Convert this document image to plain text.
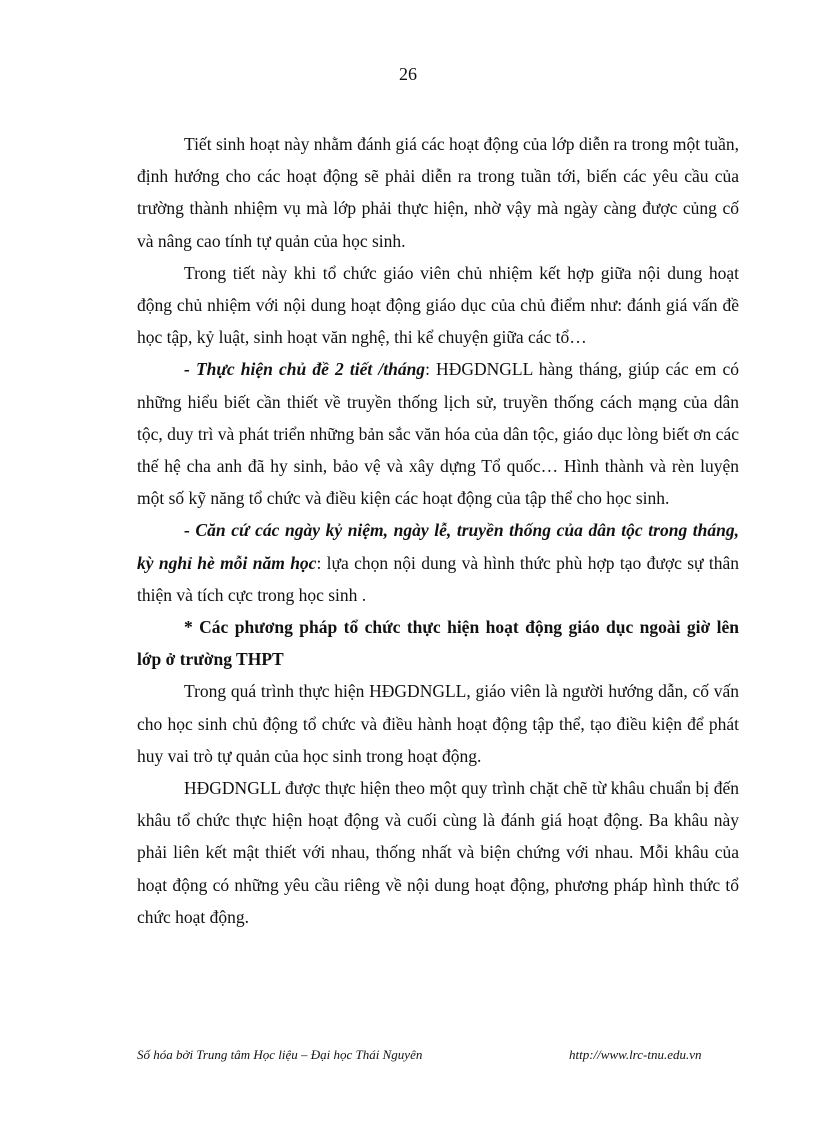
26

Tiết sinh hoạt này nhằm đánh giá các hoạt động của lớp diễn ra trong một tuần, định hướng cho các hoạt động sẽ phải diễn ra trong tuần tới, biến các yêu cầu của trường thành nhiệm vụ mà lớp phải thực hiện, nhờ vậy mà ngày càng được củng cố và nâng cao tính tự quản của học sinh.

Trong tiết này khi tổ chức giáo viên chủ nhiệm kết hợp giữa nội dung hoạt động chủ nhiệm với nội dung hoạt động giáo dục của chủ điểm như: đánh giá vấn đề học tập, kỷ luật, sinh hoạt văn nghệ, thi kể chuyện giữa các tổ…

- Thực hiện chủ đề 2 tiết /tháng: HĐGDNGLL hàng tháng, giúp các em có những hiểu biết cần thiết về truyền thống lịch sử, truyền thống cách mạng của dân tộc, duy trì và phát triển những bản sắc văn hóa của dân tộc, giáo dục lòng biết ơn các thế hệ cha anh đã hy sinh, bảo vệ và xây dựng Tổ quốc… Hình thành và rèn luyện một số kỹ năng tổ chức và điều kiện các hoạt động của tập thể cho học sinh.

- Căn cứ các ngày kỷ niệm, ngày lễ, truyền thống của dân tộc trong tháng, kỳ nghỉ hè mỗi năm học: lựa chọn nội dung và hình thức phù hợp tạo được sự thân thiện và tích cực trong học sinh .

* Các phương pháp tổ chức thực hiện hoạt động giáo dục ngoài giờ lên lớp ở trường THPT

Trong quá trình thực hiện HĐGDNGLL, giáo viên là người hướng dẫn, cố vấn cho học sinh chủ động tổ chức và điều hành hoạt động tập thể, tạo điều kiện để phát huy vai trò tự quản của học sinh trong hoạt động.

HĐGDNGLL được thực hiện theo một quy trình chặt chẽ từ khâu chuẩn bị đến khâu tổ chức thực hiện hoạt động và cuối cùng là đánh giá hoạt động. Ba khâu này phải liên kết mật thiết với nhau, thống nhất và biện chứng với nhau. Mỗi khâu của hoạt động có những yêu cầu riêng về nội dung hoạt động, phương pháp hình thức tổ chức hoạt động.

Số hóa bởi Trung tâm Học liệu – Đại học Thái Nguyên	http://www.lrc-tnu.edu.vn
